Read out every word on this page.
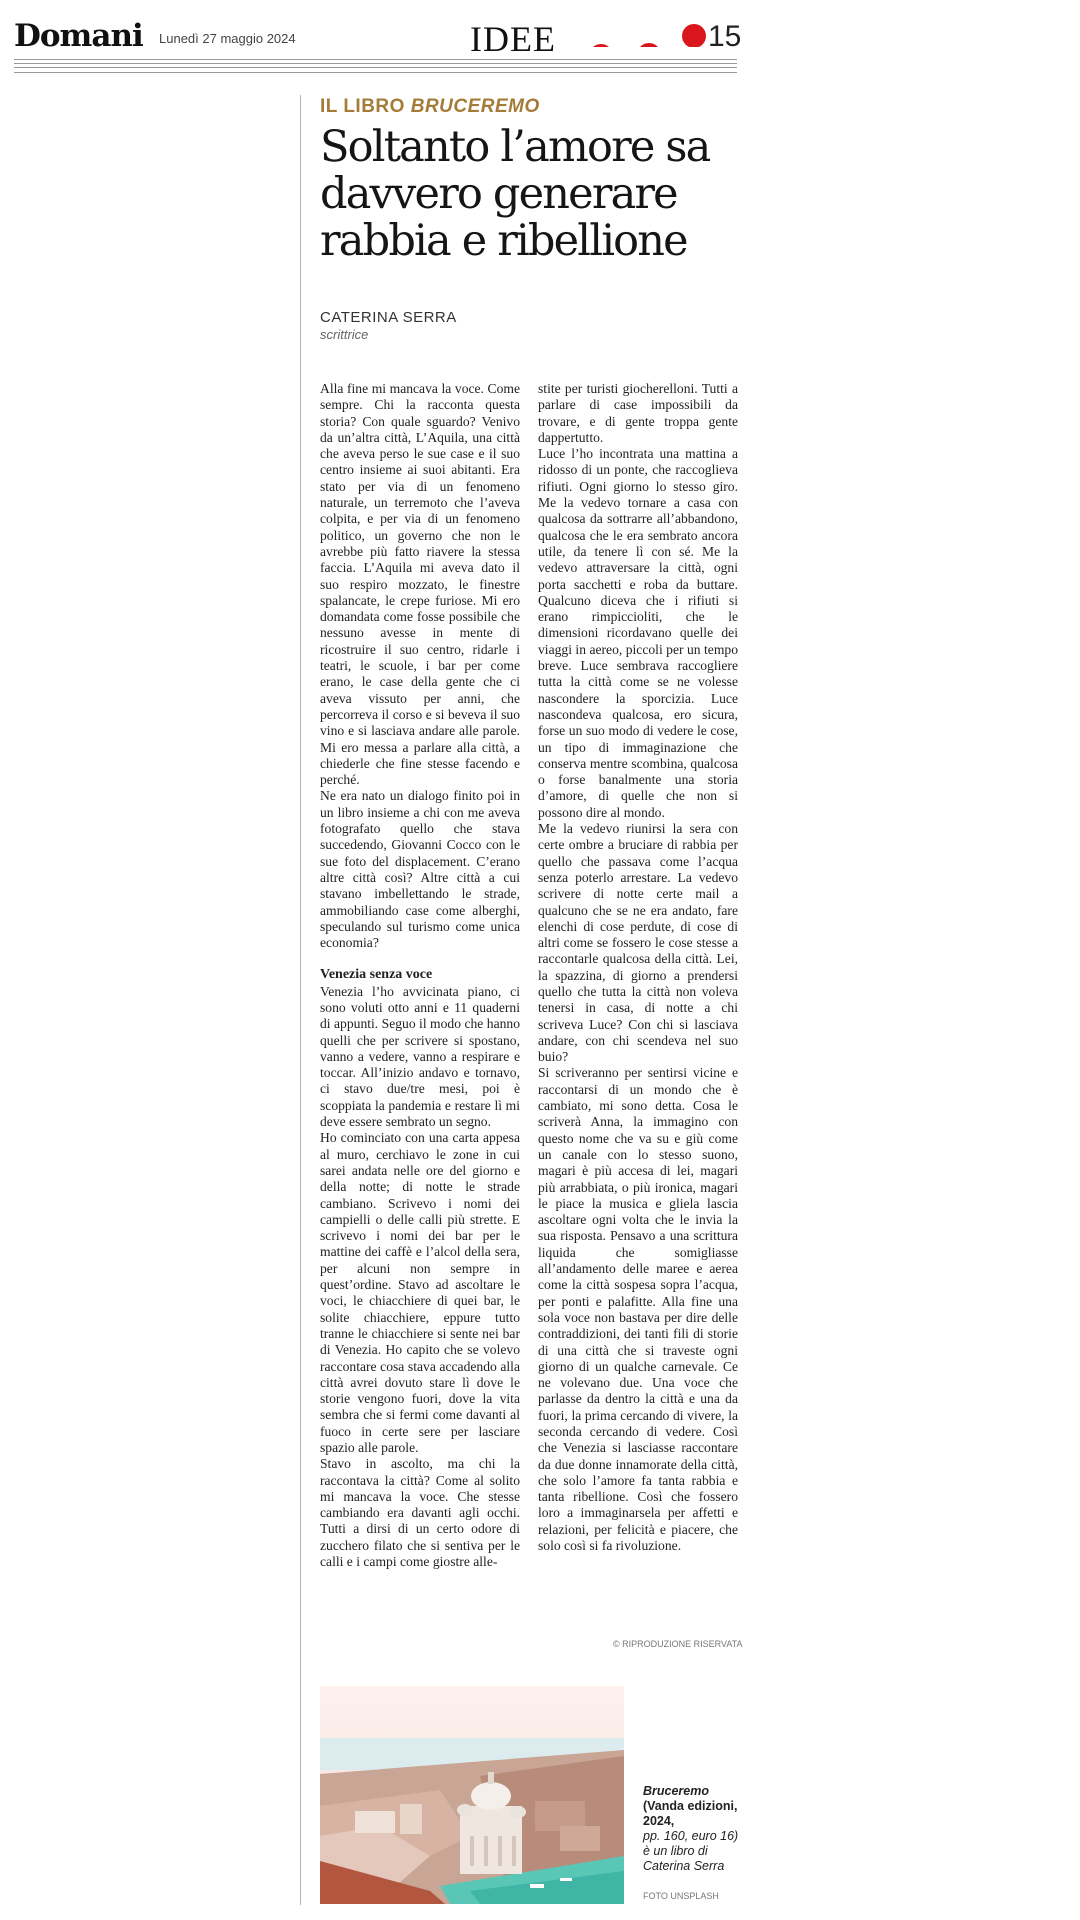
Domani Lunedì 27 maggio 2024	IDEE	15
IL LIBRO BRUCEREMO
Soltanto l’amore sa davvero generare rabbia e ribellione
CATERINA SERRA
scrittrice

Alla fine mi mancava la voce. Come sempre. Chi la racconta questa storia? Con quale sguardo? Venivo da un’altra città, L’Aquila, una città che aveva perso le sue case e il suo centro insieme ai suoi abitanti. Era stato per via di un fenomeno naturale, un terremoto che l’aveva colpita, e per via di un fenomeno politico, un governo che non le avrebbe più fatto riavere la stessa faccia. L’Aquila mi aveva dato il suo respiro mozzato, le finestre spalancate, le crepe furiose. Mi ero domandata come fosse possibile che nessuno avesse in mente di ricostruire il suo centro, ridarle i teatri, le scuole, i bar per come erano, le case della gente che ci aveva vissuto per anni, che percorreva il corso e si beveva il suo vino e si lasciava andare alle parole. Mi ero messa a parlare alla città, a chiederle che fine stesse facendo e perché.

Ne era nato un dialogo finito poi in un libro insieme a chi con me aveva fotografato quello che stava succedendo, Giovanni Cocco con le sue foto del displacement. C’erano altre città così? Altre città a cui stavano imbellettando le strade, ammobiliando case come alberghi, speculando sul turismo come unica economia?

Venezia senza voce

Venezia l’ho avvicinata piano, ci sono voluti otto anni e 11 quaderni di appunti. Seguo il modo che hanno quelli che per scrivere si spostano, vanno a vedere, vanno a respirare e toccar. All’inizio andavo e tornavo, ci stavo due/tre mesi, poi è scoppiata la pandemia e restare lì mi deve essere sembrato un segno.

Ho cominciato con una carta appesa al muro, cerchiavo le zone in cui sarei andata nelle ore del giorno e della notte; di notte le strade cambiano. Scrivevo i nomi dei campielli o delle calli più strette. E scrivevo i nomi dei bar per le mattine dei caffè e l’alcol della sera, per alcuni non sempre in quest’ordine. Stavo ad ascoltare le voci, le chiacchiere di quei bar, le solite chiacchiere, eppure tutto tranne le chiacchiere si sente nei bar di Venezia. Ho capito che se volevo raccontare cosa stava accadendo alla città avrei dovuto stare lì dove le storie vengono fuori, dove la vita sembra che si fermi come davanti al fuoco in certe sere per lasciare spazio alle parole.

Stavo in ascolto, ma chi la raccontava la città? Come al solito mi mancava la voce. Che stesse cambiando era davanti agli occhi. Tutti a dirsi di un certo odore di zucchero filato che si sentiva per le calli e i campi come giostre alle-

stite per turisti giocherelloni. Tutti a parlare di case impossibili da trovare, e di gente troppa gente dappertutto.

Luce l’ho incontrata una mattina a ridosso di un ponte, che raccoglieva rifiuti. Ogni giorno lo stesso giro. Me la vedevo tornare a casa con qualcosa da sottrarre all’abbandono, qualcosa che le era sembrato ancora utile, da tenere lì con sé. Me la vedevo attraversare la città, ogni porta sacchetti e roba da buttare. Qualcuno diceva che i rifiuti si erano rimpiccioliti, che le dimensioni ricordavano quelle dei viaggi in aereo, piccoli per un tempo breve. Luce sembrava raccogliere tutta la città come se ne volesse nascondere la sporcizia. Luce nascondeva qualcosa, ero sicura, forse un suo modo di vedere le cose, un tipo di immaginazione che conserva mentre scombina, qualcosa o forse banalmente una storia d’amore, di quelle che non si possono dire al mondo.

Me la vedevo riunirsi la sera con certe ombre a bruciare di rabbia per quello che passava come l’acqua senza poterlo arrestare. La vedevo scrivere di notte certe mail a qualcuno che se ne era andato, fare elenchi di cose perdute, di cose di altri come se fossero le cose stesse a raccontarle qualcosa della città. Lei, la spazzina, di giorno a prendersi quello che tutta la città non voleva tenersi in casa, di notte a chi scriveva Luce? Con chi si lasciava andare, con chi scendeva nel suo buio?

Si scriveranno per sentirsi vicine e raccontarsi di un mondo che è cambiato, mi sono detta. Cosa le scriverà Anna, la immagino con questo nome che va su e giù come un canale con lo stesso suono, magari è più accesa di lei, magari più arrabbiata, o più ironica, magari le piace la musica e gliela lascia ascoltare ogni volta che le invia la sua risposta. Pensavo a una scrittura liquida che somigliasse all’andamento delle maree e aerea come la città sospesa sopra l’acqua, per ponti e palafitte. Alla fine una sola voce non bastava per dire delle contraddizioni, dei tanti fili di storie di una città che si traveste ogni giorno di un qualche carnevale. Ce ne volevano due. Una voce che parlasse da dentro la città e una da fuori, la prima cercando di vivere, la seconda cercando di vedere. Così che Venezia si lasciasse raccontare da due donne innamorate della città, che solo l’amore fa tanta rabbia e tanta ribellione. Così che fossero loro a immaginarsela per affetti e relazioni, per felicità e piacere, che solo così si fa rivoluzione.

© RIPRODUZIONE RISERVATA
Bruceremo
(Vanda edizioni, 2024,
pp. 160, euro 16) è un libro di Caterina Serra
FOTO UNSPLASH
